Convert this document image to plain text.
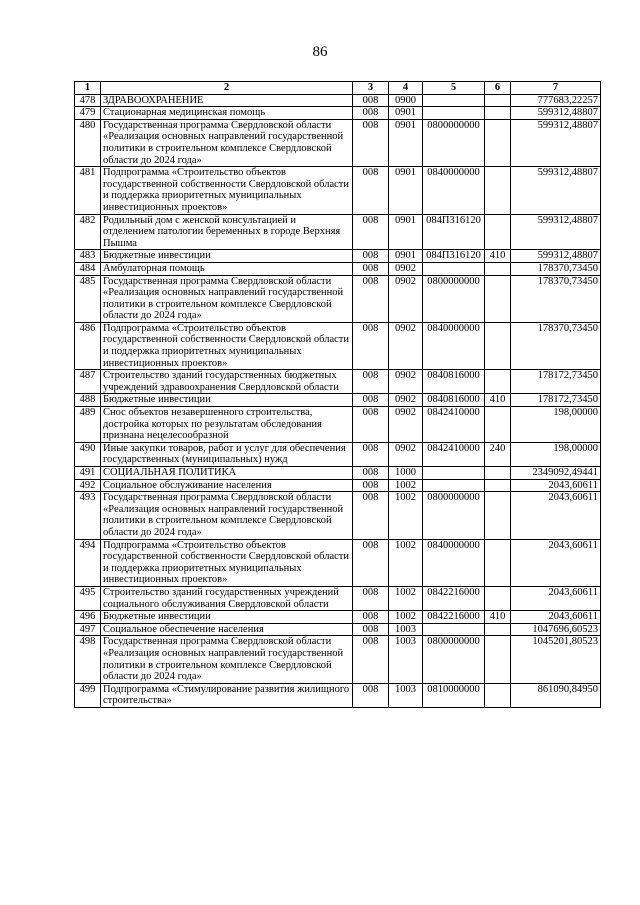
86
1	2	3	4	5	6	7
478	ЗДРАВООХРАНЕНИЕ	008	0900			777683,22257
479	Стационарная медицинская помощь	008	0901			599312,48807
480	Государственная программа Свердловской области «Реализация основных направлений государственной политики в строительном комплексе Свердловской области до 2024 года»	008	0901	0800000000		599312,48807
481	Подпрограмма «Строительство объектов государственной собственности Свердловской области и поддержка приоритетных муниципальных инвестиционных проектов»	008	0901	0840000000		599312,48807
482	Родильный дом с женской консультацией и отделением патологии беременных в городе Верхняя Пышма	008	0901	084П316120		599312,48807
483	Бюджетные инвестиции	008	0901	084П316120	410	599312,48807
484	Амбулаторная помощь	008	0902			178370,73450
485	Государственная программа Свердловской области «Реализация основных направлений государственной политики в строительном комплексе Свердловской области до 2024 года»	008	0902	0800000000		178370,73450
486	Подпрограмма «Строительство объектов государственной собственности Свердловской области и поддержка приоритетных муниципальных инвестиционных проектов»	008	0902	0840000000		178370,73450
487	Строительство зданий государственных бюджетных учреждений здравоохранения Свердловской области	008	0902	0840816000		178172,73450
488	Бюджетные инвестиции	008	0902	0840816000	410	178172,73450
489	Снос объектов незавершенного строительства, достройка которых по результатам обследования признана нецелесообразной	008	0902	0842410000		198,00000
490	Иные закупки товаров, работ и услуг для обеспечения государственных (муниципальных) нужд	008	0902	0842410000	240	198,00000
491	СОЦИАЛЬНАЯ ПОЛИТИКА	008	1000			2349092,49441
492	Социальное обслуживание населения	008	1002			2043,60611
493	Государственная программа Свердловской области «Реализация основных направлений государственной политики в строительном комплексе Свердловской области до 2024 года»	008	1002	0800000000		2043,60611
494	Подпрограмма «Строительство объектов государственной собственности Свердловской области и поддержка приоритетных муниципальных инвестиционных проектов»	008	1002	0840000000		2043,60611
495	Строительство зданий государственных учреждений социального обслуживания Свердловской области	008	1002	0842216000		2043,60611
496	Бюджетные инвестиции	008	1002	0842216000	410	2043,60611
497	Социальное обеспечение населения	008	1003			1047696,60523
498	Государственная программа Свердловской области «Реализация основных направлений государственной политики в строительном комплексе Свердловской области до 2024 года»	008	1003	0800000000		1045201,80523
499	Подпрограмма «Стимулирование развития жилищного строительства»	008	1003	0810000000		861090,84950
